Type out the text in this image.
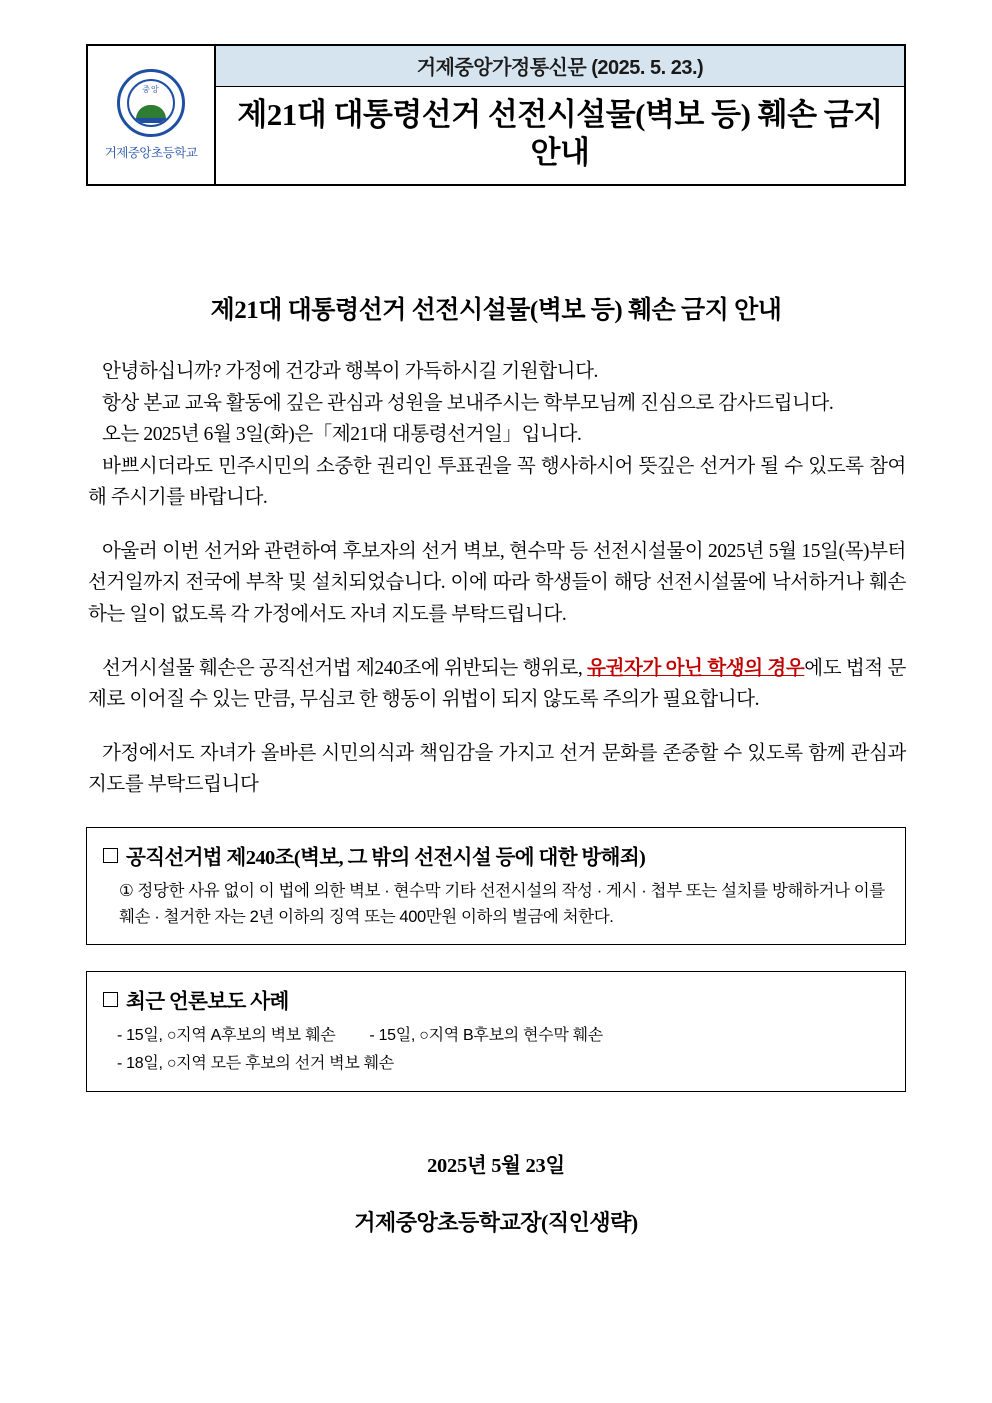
중앙
거제중앙초등학교
거제중앙가정통신문 (2025. 5. 23.)
제21대 대통령선거 선전시설물(벽보 등) 훼손 금지 안내
제21대 대통령선거 선전시설물(벽보 등) 훼손 금지 안내

안녕하십니까? 가정에 건강과 행복이 가득하시길 기원합니다.

항상 본교 교육 활동에 깊은 관심과 성원을 보내주시는 학부모님께 진심으로 감사드립니다.

오는 2025년 6월 3일(화)은「제21대 대통령선거일」입니다.

바쁘시더라도 민주시민의 소중한 권리인 투표권을 꼭 행사하시어 뜻깊은 선거가 될 수 있도록 참여해 주시기를 바랍니다.

아울러 이번 선거와 관련하여 후보자의 선거 벽보, 현수막 등 선전시설물이 2025년 5월 15일(목)부터 선거일까지 전국에 부착 및 설치되었습니다. 이에 따라 학생들이 해당 선전시설물에 낙서하거나 훼손하는 일이 없도록 각 가정에서도 자녀 지도를 부탁드립니다.

선거시설물 훼손은 공직선거법 제240조에 위반되는 행위로, 유권자가 아닌 학생의 경우에도 법적 문제로 이어질 수 있는 만큼, 무심코 한 행동이 위법이 되지 않도록 주의가 필요합니다.

가정에서도 자녀가 올바른 시민의식과 책임감을 가지고 선거 문화를 존중할 수 있도록 함께 관심과 지도를 부탁드립니다

공직선거법 제240조(벽보, 그 밖의 선전시설 등에 대한 방해죄)
① 정당한 사유 없이 이 법에 의한 벽보 · 현수막 기타 선전시설의 작성 · 게시 · 첩부 또는 설치를 방해하거나 이를 훼손 · 철거한 자는 2년 이하의 징역 또는 400만원 이하의 벌금에 처한다.
최근 언론보도 사례
- 15일, ○지역 A후보의 벽보 훼손 - 15일, ○지역 B후보의 현수막 훼손
- 18일, ○지역 모든 후보의 선거 벽보 훼손
2025년 5월 23일
거제중앙초등학교장(직인생략)
